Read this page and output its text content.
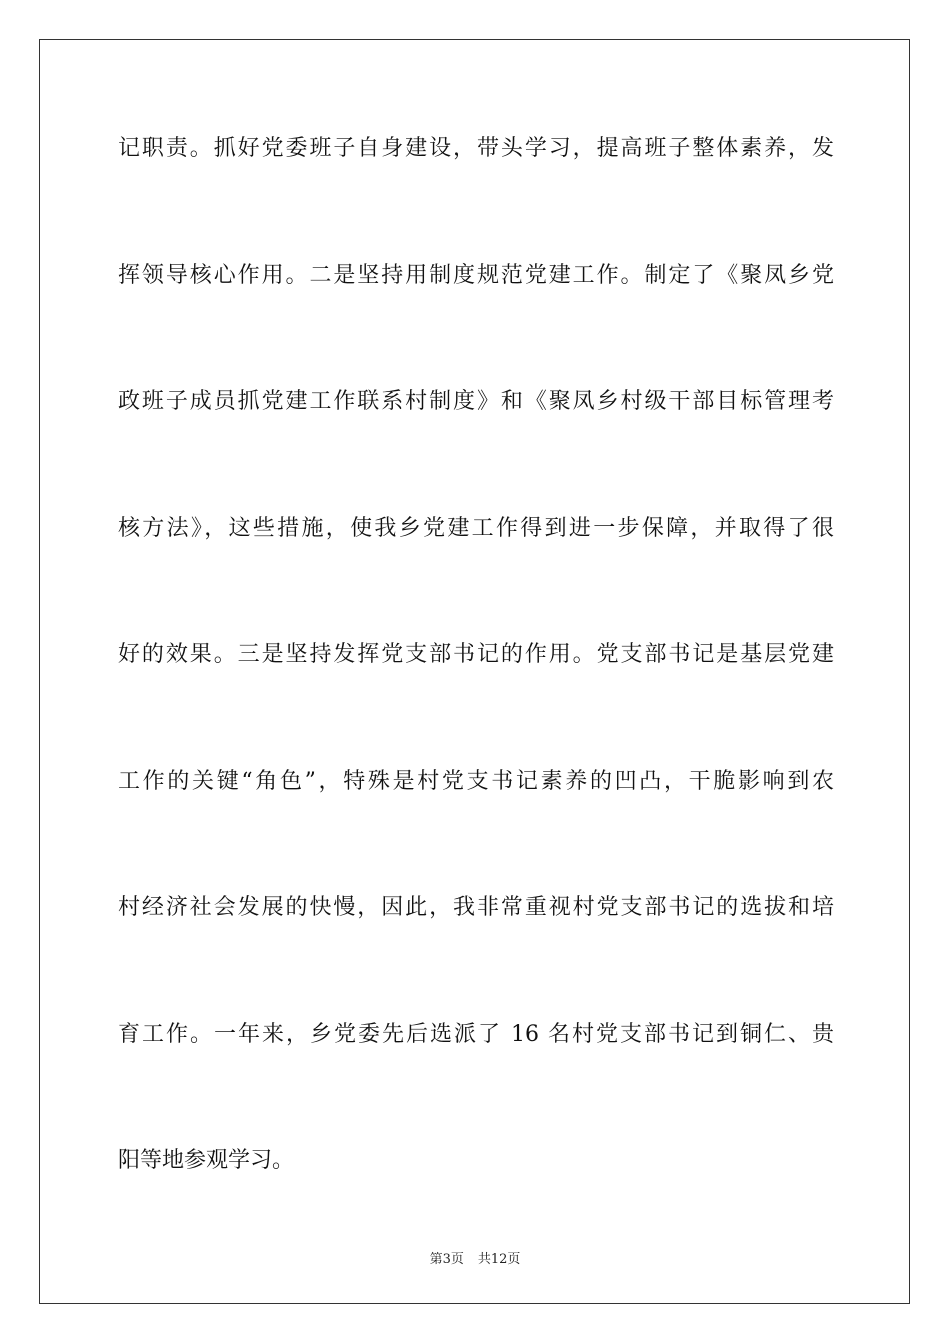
记职责。抓好党委班子自身建设，带头学习，提高班子整体素养，发
挥领导核心作用。二是坚持用制度规范党建工作。制定了《聚凤乡党
政班子成员抓党建工作联系村制度》和《聚凤乡村级干部目标管理考
核方法》，这些措施，使我乡党建工作得到进一步保障，并取得了很
好的效果。三是坚持发挥党支部书记的作用。党支部书记是基层党建
工作的关键“角色”，特殊是村党支书记素养的凹凸，干脆影响到农
村经济社会发展的快慢，因此，我非常重视村党支部书记的选拔和培
育工作。一年来，乡党委先后选派了 16 名村党支部书记到铜仁、贵
阳等地参观学习。
第3页 共12页
